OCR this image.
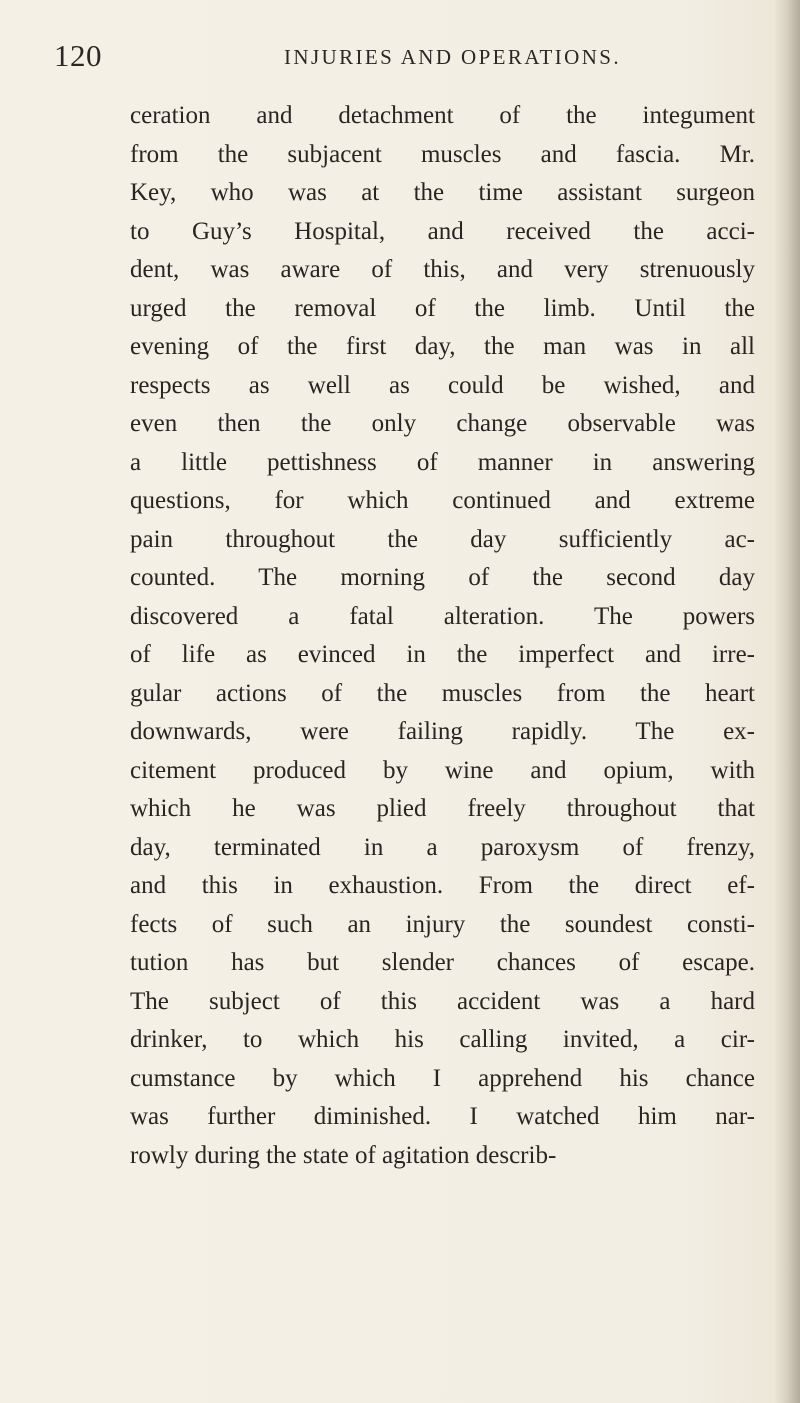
120	INJURIES AND OPERATIONS.
ceration and detachment of the integument
from the subjacent muscles and fascia. Mr.
Key, who was at the time assistant surgeon
to Guy’s Hospital, and received the acci-
dent, was aware of this, and very strenuously
urged the removal of the limb. Until the
evening of the first day, the man was in all
respects as well as could be wished, and
even then the only change observable was
a little pettishness of manner in answering
questions, for which continued and extreme
pain throughout the day sufficiently ac-
counted. The morning of the second day
discovered a fatal alteration. The powers
of life as evinced in the imperfect and irre-
gular actions of the muscles from the heart
downwards, were failing rapidly. The ex-
citement produced by wine and opium, with
which he was plied freely throughout that
day, terminated in a paroxysm of frenzy,
and this in exhaustion. From the direct ef-
fects of such an injury the soundest consti-
tution has but slender chances of escape.
The subject of this accident was a hard
drinker, to which his calling invited, a cir-
cumstance by which I apprehend his chance
was further diminished. I watched him nar-
rowly during the state of agitation describ-
